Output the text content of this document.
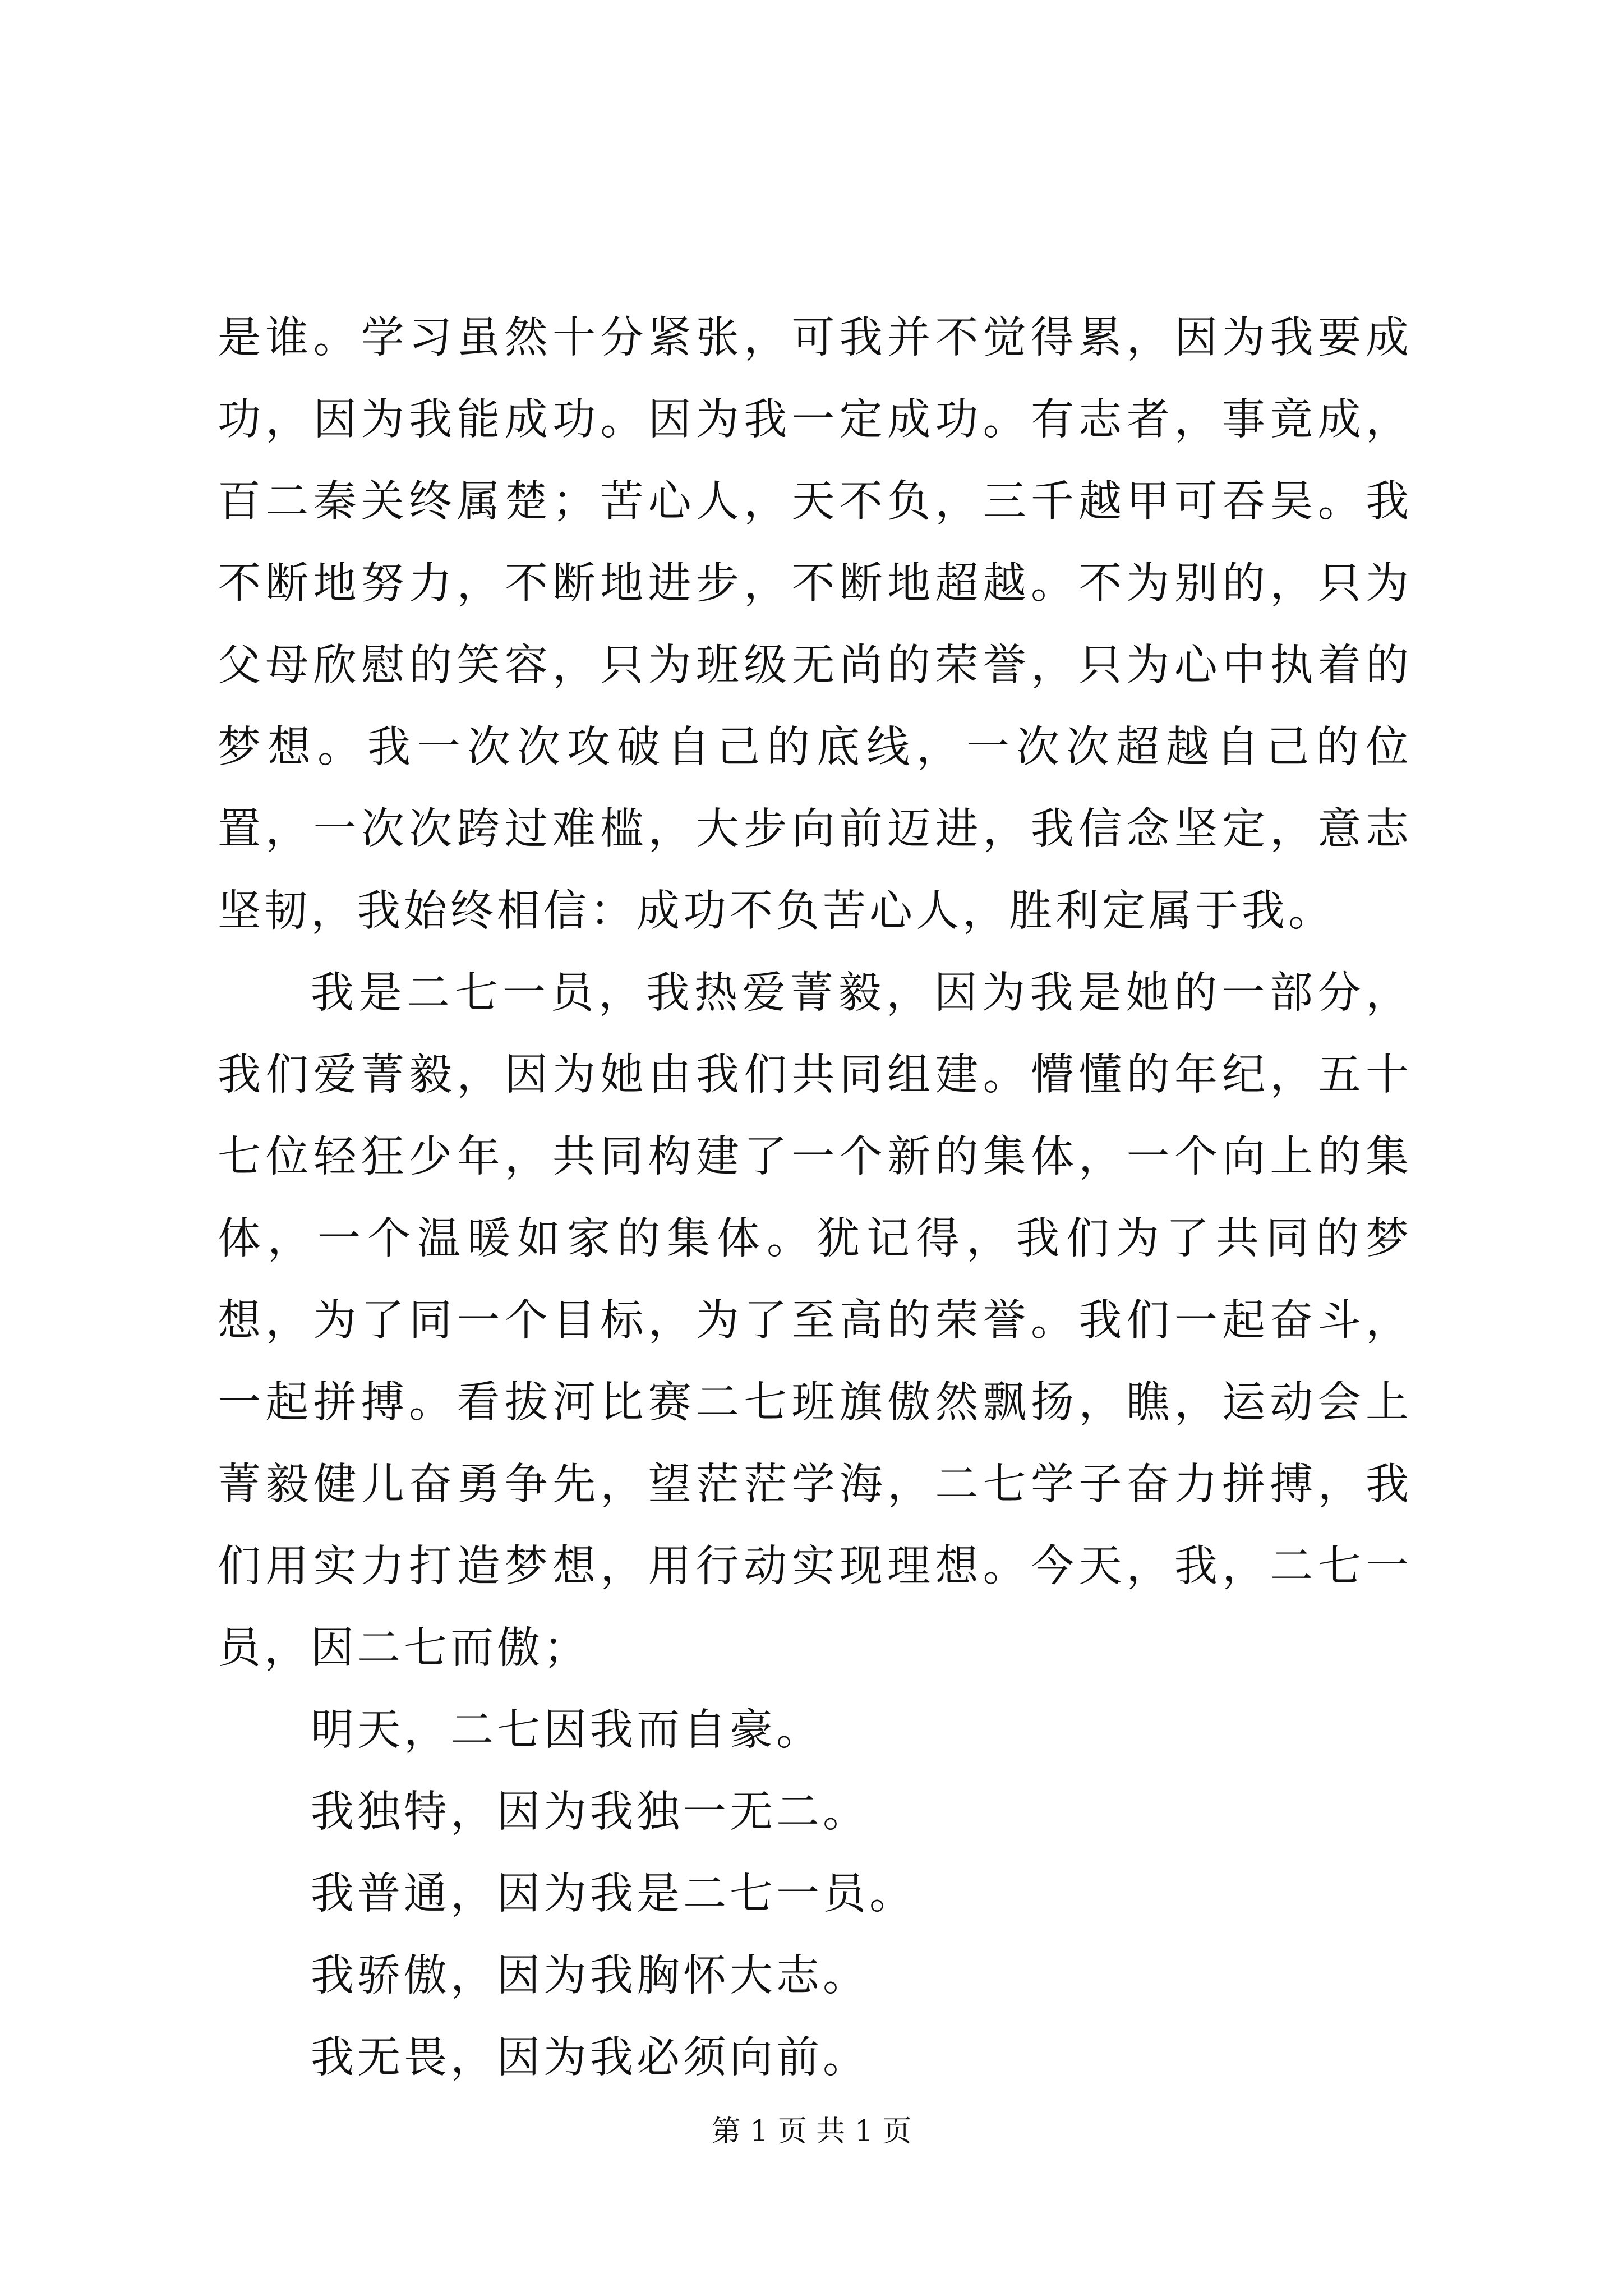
是谁。学习虽然十分紧张，可我并不觉得累，因为我要成功，因为我能成功。因为我一定成功。有志者，事竟成，百二秦关终属楚；苦心人，天不负，三千越甲可吞吴。我不断地努力，不断地进步，不断地超越。不为别的，只为父母欣慰的笑容，只为班级无尚的荣誉，只为心中执着的梦想。我一次次攻破自己的底线，一次次超越自己的位置，一次次跨过难槛，大步向前迈进，我信念坚定，意志坚韧，我始终相信：成功不负苦心人，胜利定属于我。

我是二七一员，我热爱菁毅，因为我是她的一部分，我们爱菁毅，因为她由我们共同组建。懵懂的年纪，五十七位轻狂少年，共同构建了一个新的集体，一个向上的集体，一个温暖如家的集体。犹记得，我们为了共同的梦想，为了同一个目标，为了至高的荣誉。我们一起奋斗，一起拼搏。看拔河比赛二七班旗傲然飘扬，瞧，运动会上菁毅健儿奋勇争先，望茫茫学海，二七学子奋力拼搏，我们用实力打造梦想，用行动实现理想。今天，我，二七一员，因二七而傲；

明天，二七因我而自豪。

我独特，因为我独一无二。

我普通，因为我是二七一员。

我骄傲，因为我胸怀大志。

我无畏，因为我必须向前。

第 1 页 共 1 页
